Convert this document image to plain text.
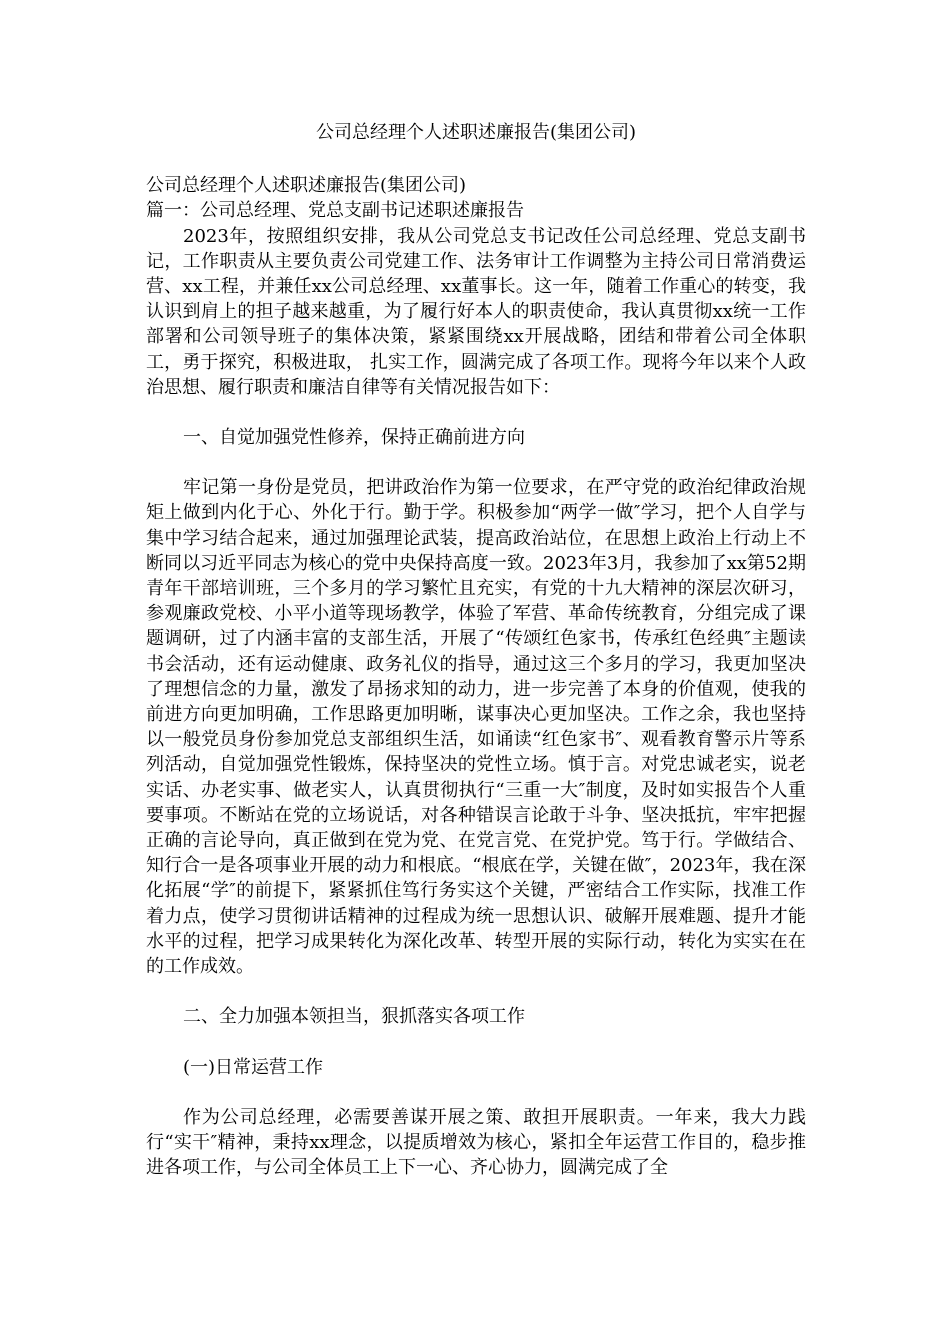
公司总经理个人述职述廉报告(集团公司)

公司总经理个人述职述廉报告(集团公司)

篇一：公司总经理、党总支副书记述职述廉报告

2023年，按照组织安排，我从公司党总支书记改任公司总经理、党总支副书记，工作职责从主要负责公司党建工作、法务审计工作调整为主持公司日常消费运营、xx工程，并兼任xx公司总经理、xx董事长。这一年，随着工作重心的转变，我认识到肩上的担子越来越重，为了履行好本人的职责使命，我认真贯彻xx统一工作部署和公司领导班子的集体决策，紧紧围绕xx开展战略，团结和带着公司全体职工，勇于探究，积极进取， 扎实工作，圆满完成了各项工作。现将今年以来个人政治思想、履行职责和廉洁自律等有关情况报告如下：

一、自觉加强党性修养，保持正确前进方向

牢记第一身份是党员，把讲政治作为第一位要求，在严守党的政治纪律政治规矩上做到内化于心、外化于行。勤于学。积极参加“两学一做″学习，把个人自学与集中学习结合起来，通过加强理论武装，提高政治站位，在思想上政治上行动上不断同以习近平同志为核心的党中央保持高度一致。2023年3月，我参加了xx第52期青年干部培训班，三个多月的学习繁忙且充实，有党的十九大精神的深层次研习，参观廉政党校、小平小道等现场教学，体验了军营、革命传统教育，分组完成了课题调研，过了内涵丰富的支部生活，开展了“传颂红色家书，传承红色经典″主题读书会活动，还有运动健康、政务礼仪的指导，通过这三个多月的学习，我更加坚决了理想信念的力量，激发了昂扬求知的动力，进一步完善了本身的价值观，使我的前进方向更加明确，工作思路更加明晰，谋事决心更加坚决。工作之余，我也坚持以一般党员身份参加党总支部组织生活，如诵读“红色家书″、观看教育警示片等系列活动，自觉加强党性锻炼，保持坚决的党性立场。慎于言。对党忠诚老实，说老实话、办老实事、做老实人，认真贯彻执行“三重一大″制度，及时如实报告个人重要事项。不断站在党的立场说话，对各种错误言论敢于斗争、坚决抵抗，牢牢把握正确的言论导向，真正做到在党为党、在党言党、在党护党。笃于行。学做结合、知行合一是各项事业开展的动力和根底。“根底在学，关键在做″，2023年，我在深化拓展“学″的前提下，紧紧抓住笃行务实这个关键，严密结合工作实际，找准工作着力点，使学习贯彻讲话精神的过程成为统一思想认识、破解开展难题、提升才能水平的过程，把学习成果转化为深化改革、转型开展的实际行动，转化为实实在在的工作成效。

二、全力加强本领担当，狠抓落实各项工作

(一)日常运营工作

作为公司总经理，必需要善谋开展之策、敢担开展职责。一年来，我大力践行“实干″精神，秉持xx理念，以提质增效为核心，紧扣全年运营工作目的，稳步推进各项工作，与公司全体员工上下一心、齐心协力，圆满完成了全
